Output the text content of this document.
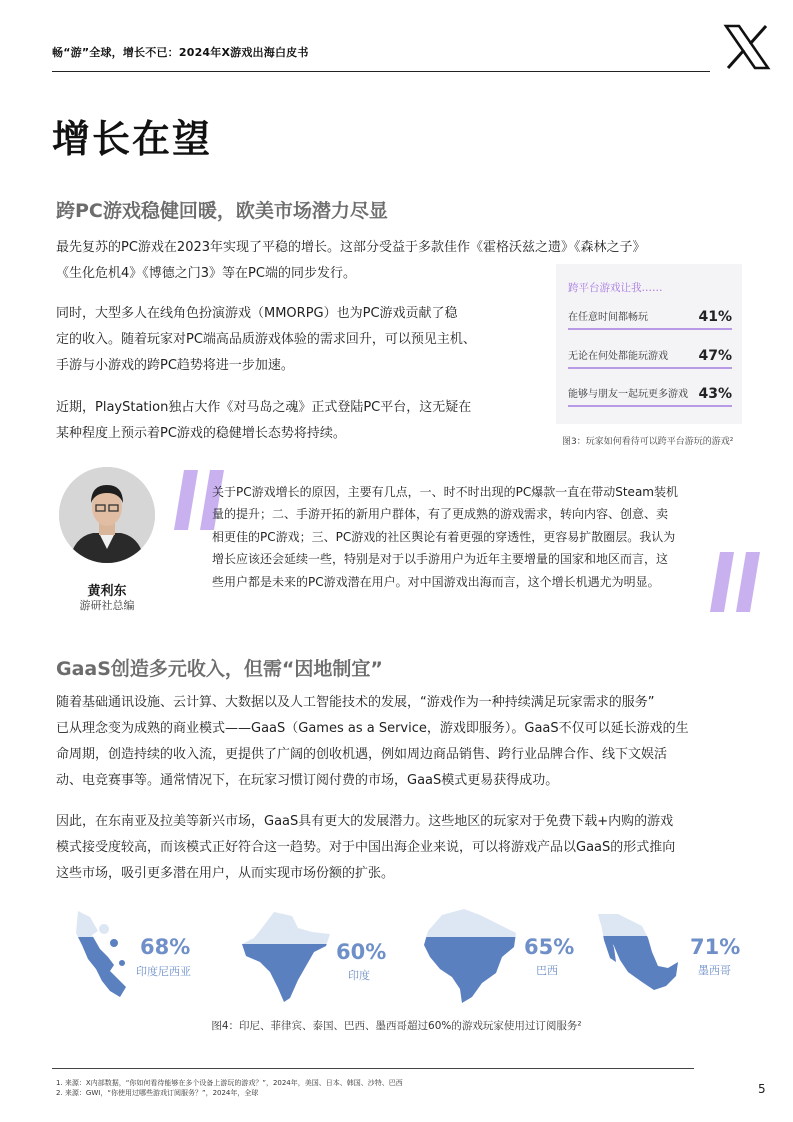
畅“游”全球，增长不已：2024年X游戏出海白皮书
增长在望
跨PC游戏稳健回暖，欧美市场潜力尽显
最先复苏的PC游戏在2023年实现了平稳的增长。这部分受益于多款佳作《霍格沃兹之遗》《森林之子》
《生化危机4》《博德之门3》等在PC端的同步发行。
同时，大型多人在线角色扮演游戏（MMORPG）也为PC游戏贡献了稳
定的收入。随着玩家对PC端高品质游戏体验的需求回升，可以预见主机、
手游与小游戏的跨PC趋势将进一步加速。
近期，PlayStation独占大作《对马岛之魂》正式登陆PC平台，这无疑在
某种程度上预示着PC游戏的稳健增长态势将持续。
跨平台游戏让我……
在任意时间都畅玩	41%
无论在何处都能玩游戏 47%
能够与朋友一起玩更多游戏 43%
图3：玩家如何看待可以跨平台游玩的游戏²
黄利东
游研社总编
关于PC游戏增长的原因，主要有几点，一、时不时出现的PC爆款一直在带动Steam装机
量的提升；二、手游开拓的新用户群体，有了更成熟的游戏需求，转向内容、创意、卖
相更佳的PC游戏；三、PC游戏的社区舆论有着更强的穿透性，更容易扩散圈层。我认为
增长应该还会延续一些，特别是对于以手游用户为近年主要增量的国家和地区而言，这
些用户都是未来的PC游戏潜在用户。对中国游戏出海而言，这个增长机遇尤为明显。
GaaS创造多元收入，但需“因地制宜”
随着基础通讯设施、云计算、大数据以及人工智能技术的发展，“游戏作为一种持续满足玩家需求的服务”
已从理念变为成熟的商业模式——GaaS（Games as a Service，游戏即服务）。GaaS不仅可以延长游戏的生
命周期，创造持续的收入流，更提供了广阔的创收机遇，例如周边商品销售、跨行业品牌合作、线下文娱活
动、电竞赛事等。通常情况下，在玩家习惯订阅付费的市场，GaaS模式更易获得成功。
因此，在东南亚及拉美等新兴市场，GaaS具有更大的发展潜力。这些地区的玩家对于免费下载+内购的游戏
模式接受度较高，而该模式正好符合这一趋势。对于中国出海企业来说，可以将游戏产品以GaaS的形式推向
这些市场，吸引更多潜在用户，从而实现市场份额的扩张。
68%
印度尼西亚
60%
印度
65%
巴西
71%
墨西哥
图4：印尼、菲律宾、泰国、巴西、墨西哥超过60%的游戏玩家使用过订阅服务²
1. 来源：X内部数据，“你如何看待能够在多个设备上游玩的游戏？”，2024年，美国、日本、韩国、沙特、巴西
2. 来源：GWI，“你使用过哪些游戏订阅服务？”，2024年，全球	5
